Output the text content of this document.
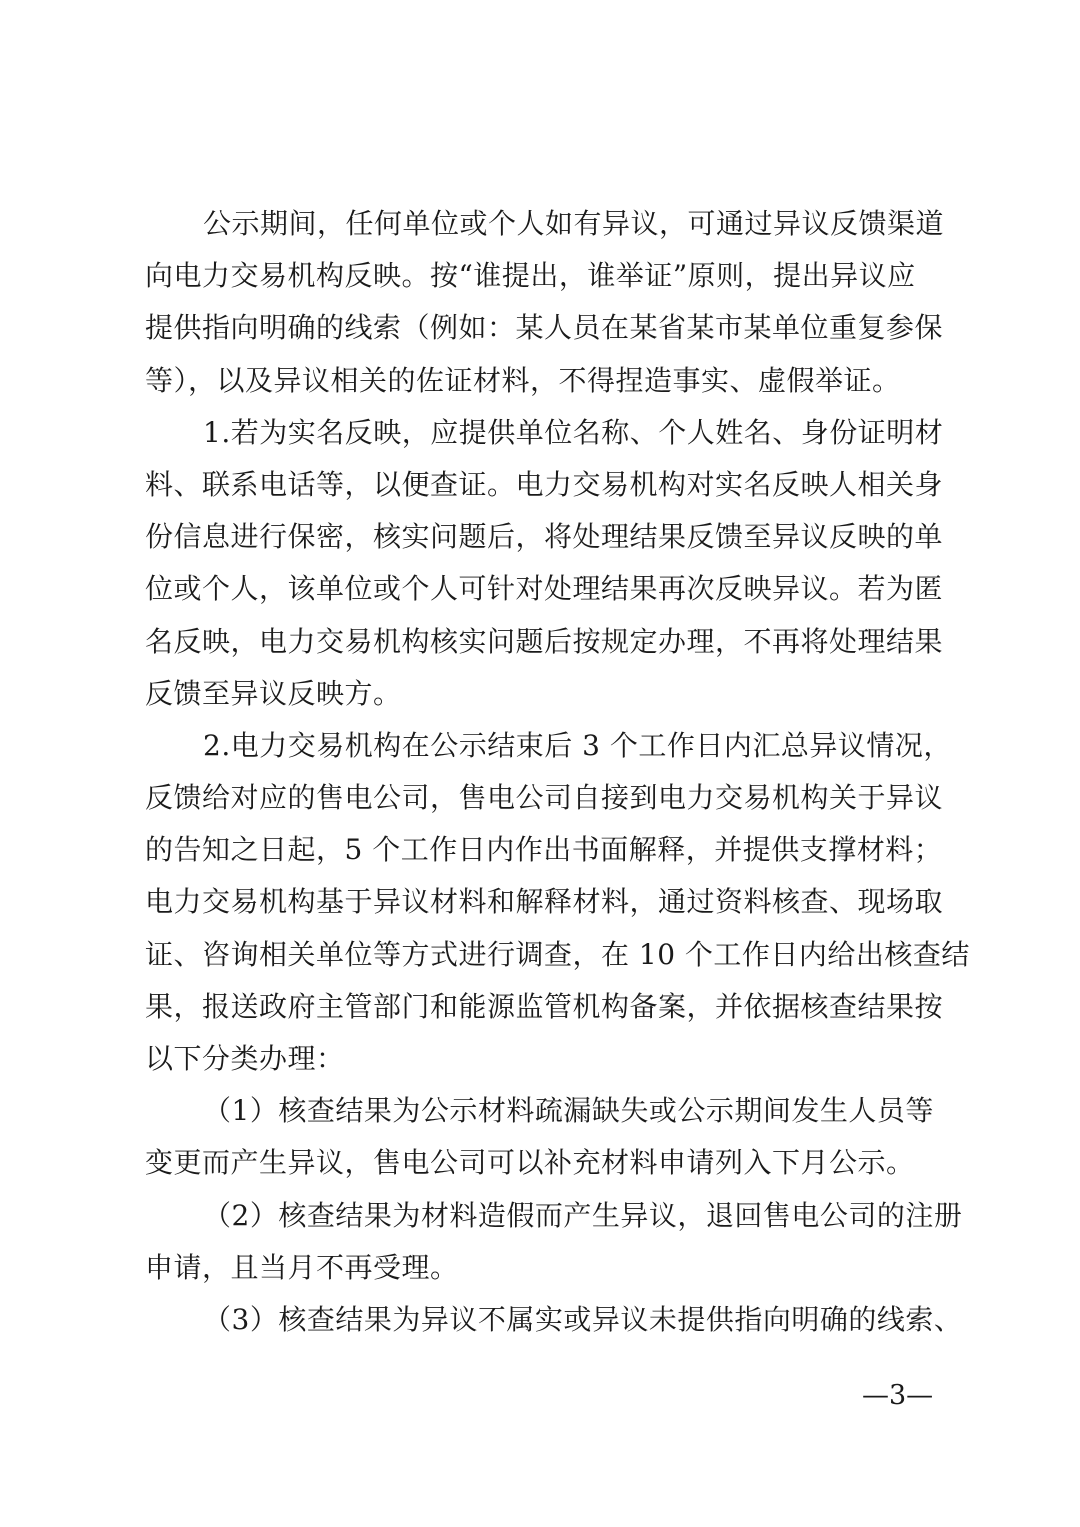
公示期间，任何单位或个人如有异议，可通过异议反馈渠道
向电力交易机构反映。按“谁提出，谁举证”原则，提出异议应
提供指向明确的线索（例如：某人员在某省某市某单位重复参保
等），以及异议相关的佐证材料，不得捏造事实、虚假举证。
1.若为实名反映，应提供单位名称、个人姓名、身份证明材
料、联系电话等，以便查证。电力交易机构对实名反映人相关身
份信息进行保密，核实问题后，将处理结果反馈至异议反映的单
位或个人，该单位或个人可针对处理结果再次反映异议。若为匿
名反映，电力交易机构核实问题后按规定办理，不再将处理结果
反馈至异议反映方。
2.电力交易机构在公示结束后 3 个工作日内汇总异议情况，
反馈给对应的售电公司，售电公司自接到电力交易机构关于异议
的告知之日起，5 个工作日内作出书面解释，并提供支撑材料；
电力交易机构基于异议材料和解释材料，通过资料核查、现场取
证、咨询相关单位等方式进行调查，在 10 个工作日内给出核查结
果，报送政府主管部门和能源监管机构备案，并依据核查结果按
以下分类办理：
（1）核查结果为公示材料疏漏缺失或公示期间发生人员等
变更而产生异议，售电公司可以补充材料申请列入下月公示。
（2）核查结果为材料造假而产生异议，退回售电公司的注册
申请，且当月不再受理。
（3）核查结果为异议不属实或异议未提供指向明确的线索、
—3—
